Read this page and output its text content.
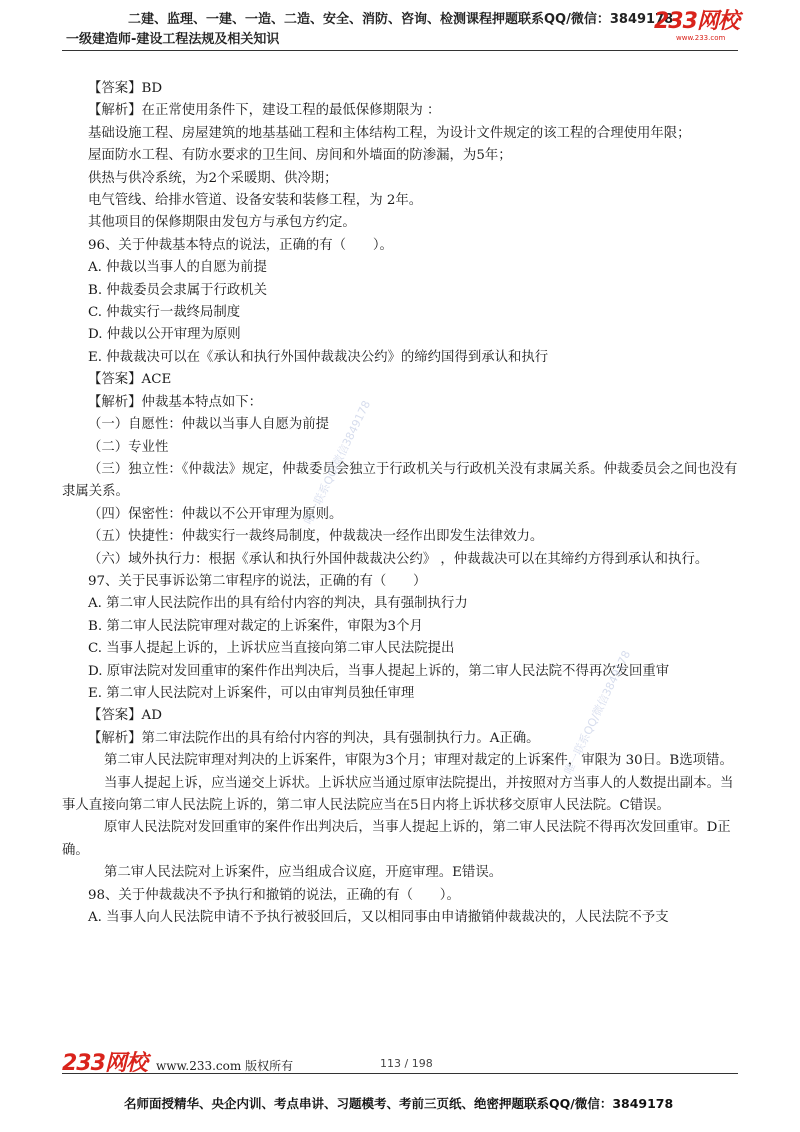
二建、监理、一建、一造、二造、安全、消防、咨询、检测课程押题联系QQ/微信：3849178
一级建造师-建设工程法规及相关知识
233网校
www.233.com

【答案】BD

【解析】在正常使用条件下，建设工程的最低保修期限为 ：

基础设施工程、房屋建筑的地基基础工程和主体结构工程，为设计文件规定的该工程的合理使用年限；

屋面防水工程、有防水要求的卫生间、房间和外墙面的防渗漏，为5年；

供热与供冷系统，为2个采暖期、供冷期；

电气管线、给排水管道、设备安装和装修工程，为 2年。

其他项目的保修期限由发包方与承包方约定。

96、关于仲裁基本特点的说法，正确的有（　　）。

A. 仲裁以当事人的自愿为前提

B. 仲裁委员会隶属于行政机关

C. 仲裁实行一裁终局制度

D. 仲裁以公开审理为原则

E. 仲裁裁决可以在《承认和执行外国仲裁裁决公约》的缔约国得到承认和执行

【答案】ACE

【解析】仲裁基本特点如下：

（一）自愿性：仲裁以当事人自愿为前提

（二）专业性

（三）独立性：《仲裁法》规定，仲裁委员会独立于行政机关与行政机关没有隶属关系。仲裁委员会之间也没有隶属关系。

（四）保密性：仲裁以不公开审理为原则。

（五）快捷性：仲裁实行一裁终局制度，仲裁裁决一经作出即发生法律效力。

（六）域外执行力：根据《承认和执行外国仲裁裁决公约》 ，仲裁裁决可以在其缔约方得到承认和执行。

97、关于民事诉讼第二审程序的说法，正确的有（　　）

A. 第二审人民法院作出的具有给付内容的判决，具有强制执行力

B. 第二审人民法院审理对裁定的上诉案件，审限为3个月

C. 当事人提起上诉的，上诉状应当直接向第二审人民法院提出

D. 原审法院对发回重审的案件作出判决后，当事人提起上诉的，第二审人民法院不得再次发回重审

E. 第二审人民法院对上诉案件，可以由审判员独任审理

【答案】AD

【解析】第二审法院作出的具有给付内容的判决，具有强制执行力。A正确。

第二审人民法院审理对判决的上诉案件，审限为3个月；审理对裁定的上诉案件，审限为 30日。B选项错。

当事人提起上诉，应当递交上诉状。上诉状应当通过原审法院提出，并按照对方当事人的人数提出副本。当事人直接向第二审人民法院上诉的，第二审人民法院应当在5日内将上诉状移交原审人民法院。C错误。

原审人民法院对发回重审的案件作出判决后，当事人提起上诉的，第二审人民法院不得再次发回重审。D正确。

第二审人民法院对上诉案件，应当组成合议庭，开庭审理。E错误。

98、关于仲裁裁决不予执行和撤销的说法，正确的有（　　）。

A. 当事人向人民法院申请不予执行被驳回后，又以相同事由申请撤销仲裁裁决的，人民法院不予支

唯一联系QQ/微信3849178
唯一联系QQ/微信3849178
233网校 www.233.com 版权所有	113 / 198
名师面授精华、央企内训、考点串讲、习题模考、考前三页纸、绝密押题联系QQ/微信：3849178
